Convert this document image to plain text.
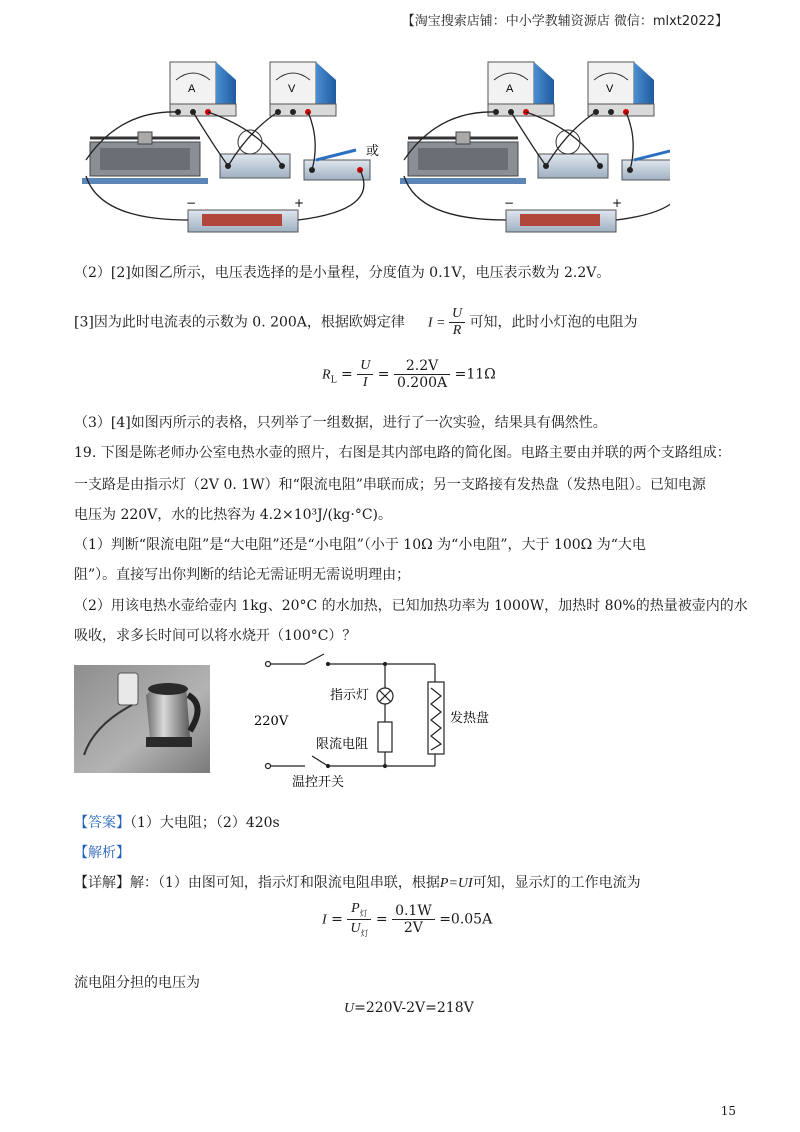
【淘宝搜索店铺：中小学教辅资源店 微信：mlxt2022】
A	V
−	+
或
A	V
−	+
（2）[2]如图乙所示，电压表选择的是小量程，分度值为 0.1V，电压表示数为 2.2V。
[3]因为此时电流表的示数为 0. 200A，根据欧姆定律 $I = \frac{U}{R}$ 可知，此时小灯泡的电阻为
$R_L = \frac{U}{I} = \frac{2.2V}{0.200A} =11\Omega$
（3）[4]如图丙所示的表格，只列举了一组数据，进行了一次实验，结果具有偶然性。
19. 下图是陈老师办公室电热水壶的照片，右图是其内部电路的简化图。电路主要由并联的两个支路组成：
一支路是由指示灯（2V 0. 1W）和“限流电阻”串联而成；另一支路接有发热盘（发热电阻）。已知电源
电压为 220V，水的比热容为 4.2×10³J/(kg·°C)。
（1）判断“限流电阻”是“大电阻”还是“小电阻”（小于 10Ω 为“小电阻”，大于 100Ω 为“大电
阻”）。直接写出你判断的结论无需证明无需说明理由；
（2）用该电热水壶给壶内 1kg、20°C 的水加热，已知加热功率为 1000W，加热时 80%的热量被壶内的水
吸收，求多长时间可以将水烧开（100°C）？
220V
指示灯
限流电阻
发热盘
温控开关
【答案】（1）大电阻；（2）420s
【解析】
【详解】解：（1）由图可知，指示灯和限流电阻串联，根据P=UI可知，显示灯的工作电流为
$I = \frac{P_灯}{U_灯} = \frac{0.1W}{2V} =0.05A$
流电阻分担的电压为
U=220V-2V=218V
15
